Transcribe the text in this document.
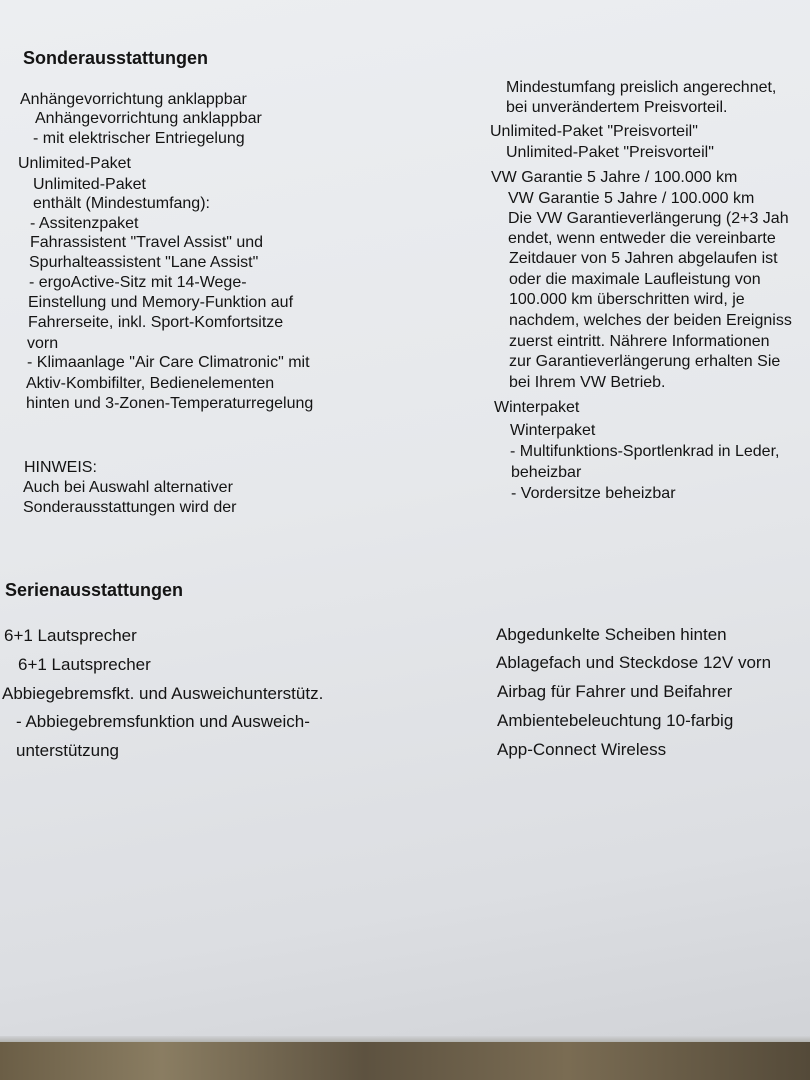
Sonderausstattungen
Anhängevorrichtung anklappbar
Anhängevorrichtung anklappbar
- mit elektrischer Entriegelung
Unlimited-Paket
Unlimited-Paket
enthält (Mindestumfang):
- Assitenzpaket
Fahrassistent "Travel Assist" und
Spurhalteassistent "Lane Assist"
- ergoActive-Sitz mit 14-Wege-
Einstellung und Memory-Funktion auf
Fahrerseite, inkl. Sport-Komfortsitze
vorn
- Klimaanlage "Air Care Climatronic" mit
Aktiv-Kombifilter, Bedienelementen
hinten und 3-Zonen-Temperaturregelung
HINWEIS:
Auch bei Auswahl alternativer
Sonderausstattungen wird der
Mindestumfang preislich angerechnet,
bei unverändertem Preisvorteil.
Unlimited-Paket "Preisvorteil"
Unlimited-Paket "Preisvorteil"
VW Garantie 5 Jahre / 100.000 km
VW Garantie 5 Jahre / 100.000 km
Die VW Garantieverlängerung (2+3 Jah
endet, wenn entweder die vereinbarte
Zeitdauer von 5 Jahren abgelaufen ist
oder die maximale Laufleistung von
100.000 km überschritten wird, je
nachdem, welches der beiden Ereigniss
zuerst eintritt. Nährere Informationen
zur Garantieverlängerung erhalten Sie
bei Ihrem VW Betrieb.
Winterpaket
Winterpaket
- Multifunktions-Sportlenkrad in Leder,
beheizbar
- Vordersitze beheizbar
Serienausstattungen
6+1 Lautsprecher
6+1 Lautsprecher
Abbiegebremsfkt. und Ausweichunterstütz.
- Abbiegebremsfunktion und Ausweich-
unterstützung
Abgedunkelte Scheiben hinten
Ablagefach und Steckdose 12V vorn
Airbag für Fahrer und Beifahrer
Ambientebeleuchtung 10-farbig
App-Connect Wireless
